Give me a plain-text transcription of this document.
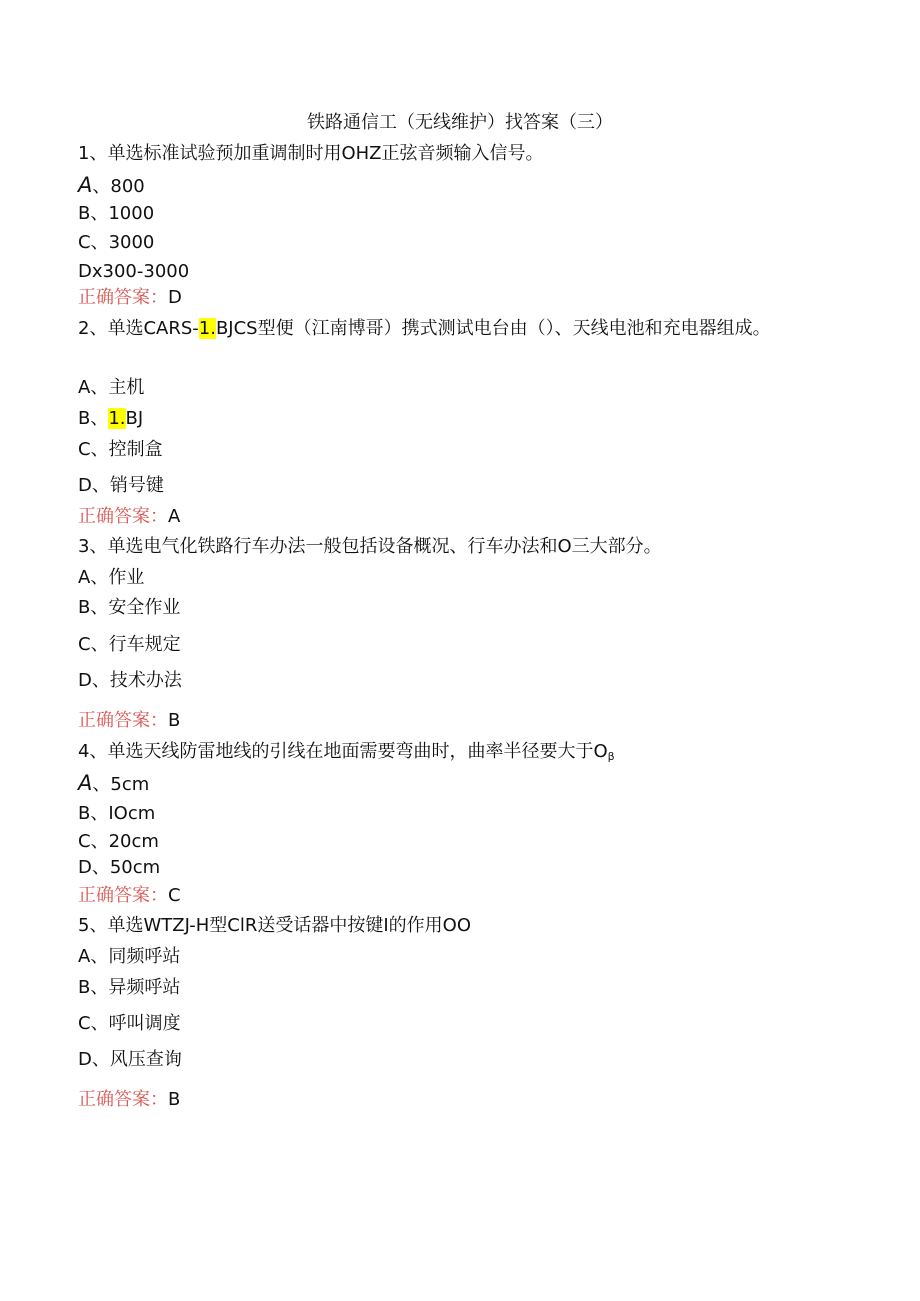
铁路通信工（无线维护）找答案（三）
1、单选标准试验预加重调制时用OHZ正弦音频输入信号。
A、800
B、1000
C、3000
Dx300-3000
正确答案：D
2、单选CARS-1.BJCS型便（江南博哥）携式测试电台由（）、天线电池和充电器组成。
A、主机
B、1.BJ
C、控制盒
D、销号键
正确答案：A
3、单选电气化铁路行车办法一般包括设备概况、行车办法和O三大部分。
A、作业
B、安全作业
C、行车规定
D、技术办法
正确答案：B
4、单选天线防雷地线的引线在地面需要弯曲时，曲率半径要大于$O_\beta$
A、5cm
B、IOcm
C、20cm
D、50cm
正确答案：C
5、单选WTZJ-H型ClR送受话器中按键I的作用OO
A、同频呼站
B、异频呼站
C、呼叫调度
D、风压查询
正确答案：B
